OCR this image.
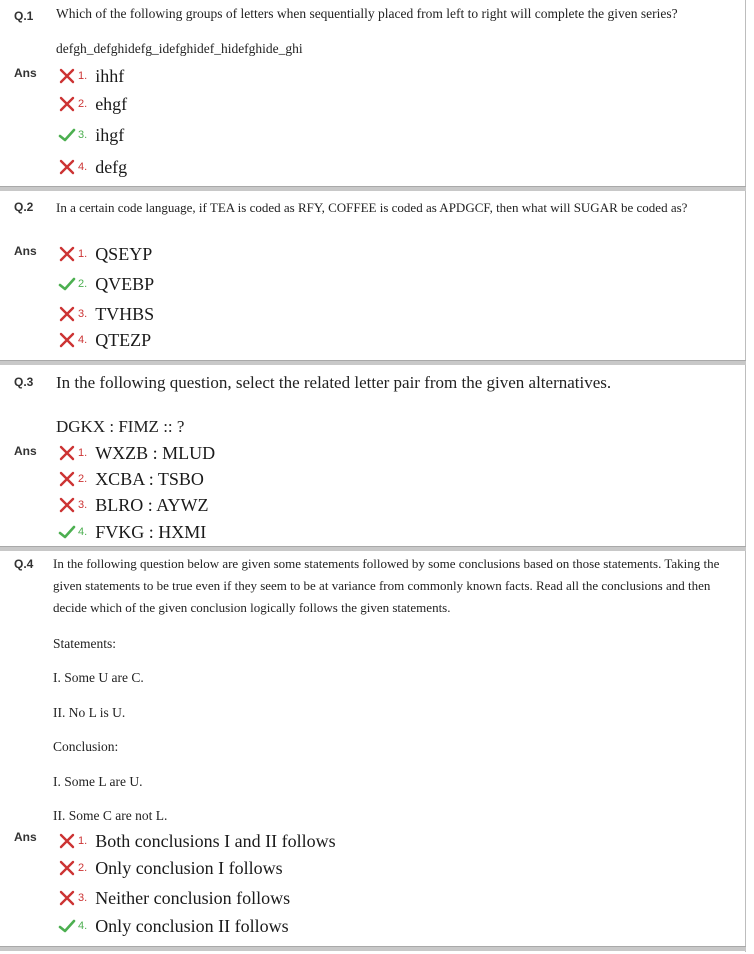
Q.1 Which of the following groups of letters when sequentially placed from left to right will complete the given series?
defgh_defghidefg_idefghidef_hidefghide_ghi
Ans	1. ihhf
2. ehgf
3. ihgf
4. defg
Q.2 In a certain code language, if TEA is coded as RFY, COFFEE is coded as APDGCF, then what will SUGAR be coded as?
Ans	1. QSEYP
2. QVEBP
3. TVHBS
4. QTEZP
Q.3 In the following question, select the related letter pair from the given alternatives.
DGKX : FIMZ :: ?
Ans	1. WXZB : MLUD
2. XCBA : TSBO
3. BLRO : AYWZ
4. FVKG : HXMI
Q.4 In the following question below are given some statements followed by some conclusions based on those statements. Taking the given statements to be true even if they seem to be at variance from commonly known facts. Read all the conclusions and then decide which of the given conclusion logically follows the given statements.
Statements:
I. Some U are C.
II. No L is U.
Conclusion:
I. Some L are U.
II. Some C are not L.
Ans	1. Both conclusions I and II follows
2. Only conclusion I follows
3. Neither conclusion follows
4. Only conclusion II follows
